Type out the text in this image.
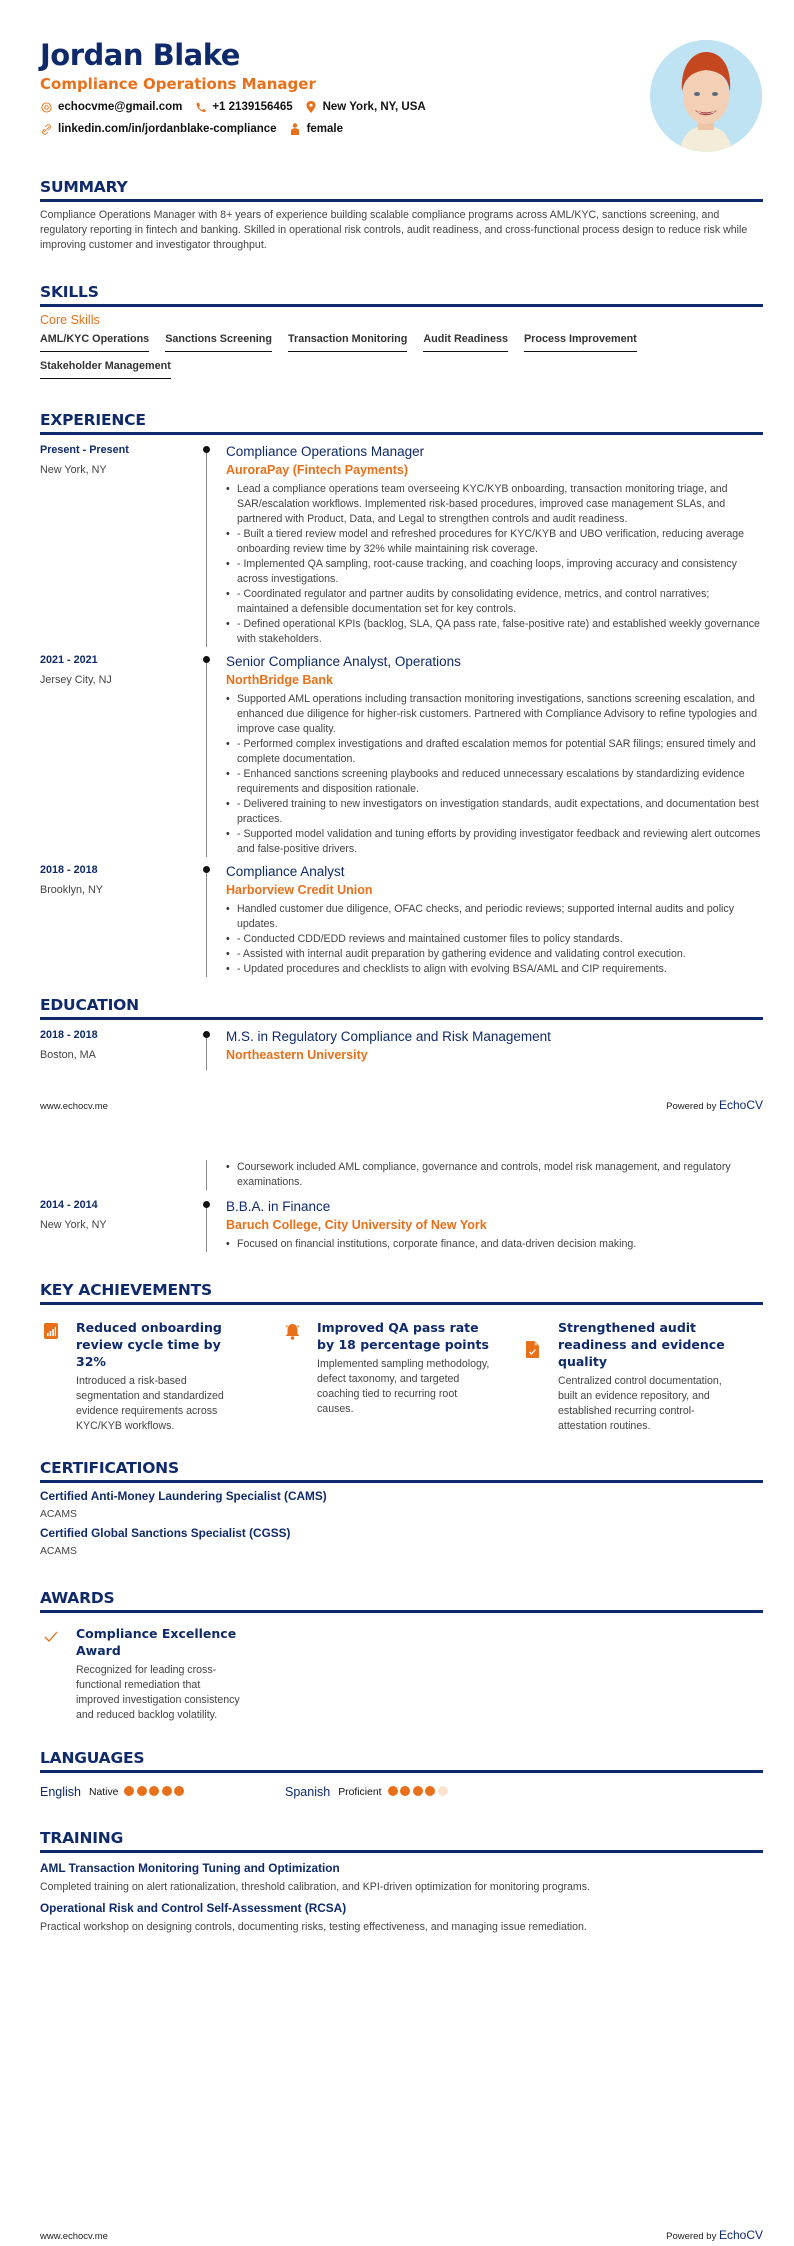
Jordan Blake
Compliance Operations Manager
echocvme@gmail.com	+1 2139156465	New York, NY, USA
linkedin.com/in/jordanblake-compliance	female
SUMMARY
Compliance Operations Manager with 8+ years of experience building scalable compliance programs across AML/KYC, sanctions screening, and regulatory reporting in fintech and banking. Skilled in operational risk controls, audit readiness, and cross-functional process design to reduce risk while improving customer and investigator throughput.
SKILLS
Core Skills
AML/KYC Operations Sanctions Screening Transaction Monitoring Audit Readiness Process Improvement
Stakeholder Management
EXPERIENCE
Present - Present
New York, NY
Compliance Operations Manager
AuroraPay (Fintech Payments)
• Lead a compliance operations team overseeing KYC/KYB onboarding, transaction monitoring triage, and SAR/escalation workflows. Implemented risk-based procedures, improved case management SLAs, and partnered with Product, Data, and Legal to strengthen controls and audit readiness.
• - Built a tiered review model and refreshed procedures for KYC/KYB and UBO verification, reducing average onboarding review time by 32% while maintaining risk coverage.
• - Implemented QA sampling, root-cause tracking, and coaching loops, improving accuracy and consistency across investigations.
• - Coordinated regulator and partner audits by consolidating evidence, metrics, and control narratives; maintained a defensible documentation set for key controls.
• - Defined operational KPIs (backlog, SLA, QA pass rate, false-positive rate) and established weekly governance with stakeholders.
2021 - 2021
Jersey City, NJ
Senior Compliance Analyst, Operations
NorthBridge Bank
• Supported AML operations including transaction monitoring investigations, sanctions screening escalation, and enhanced due diligence for higher-risk customers. Partnered with Compliance Advisory to refine typologies and improve case quality.
• - Performed complex investigations and drafted escalation memos for potential SAR filings; ensured timely and complete documentation.
• - Enhanced sanctions screening playbooks and reduced unnecessary escalations by standardizing evidence requirements and disposition rationale.
• - Delivered training to new investigators on investigation standards, audit expectations, and documentation best practices.
• - Supported model validation and tuning efforts by providing investigator feedback and reviewing alert outcomes and false-positive drivers.
2018 - 2018
Brooklyn, NY
Compliance Analyst
Harborview Credit Union
• Handled customer due diligence, OFAC checks, and periodic reviews; supported internal audits and policy updates.
• - Conducted CDD/EDD reviews and maintained customer files to policy standards.
• - Assisted with internal audit preparation by gathering evidence and validating control execution.
• - Updated procedures and checklists to align with evolving BSA/AML and CIP requirements.
EDUCATION
2018 - 2018
Boston, MA
M.S. in Regulatory Compliance and Risk Management
Northeastern University
www.echocv.me	Powered by EchoCV
• Coursework included AML compliance, governance and controls, model risk management, and regulatory examinations.
2014 - 2014
New York, NY
B.B.A. in Finance
Baruch College, City University of New York
• Focused on financial institutions, corporate finance, and data-driven decision making.
KEY ACHIEVEMENTS
Reduced onboarding review cycle time by 32%
Introduced a risk-based segmentation and standardized evidence requirements across KYC/KYB workflows.
Improved QA pass rate by 18 percentage points
Implemented sampling methodology, defect taxonomy, and targeted coaching tied to recurring root causes.
Strengthened audit readiness and evidence quality
Centralized control documentation, built an evidence repository, and established recurring control-attestation routines.
CERTIFICATIONS
Certified Anti-Money Laundering Specialist (CAMS)
ACAMS
Certified Global Sanctions Specialist (CGSS)
ACAMS
AWARDS
Compliance Excellence Award
Recognized for leading cross-functional remediation that improved investigation consistency and reduced backlog volatility.
LANGUAGES
English Native	Spanish Proficient
TRAINING
AML Transaction Monitoring Tuning and Optimization
Completed training on alert rationalization, threshold calibration, and KPI-driven optimization for monitoring programs.
Operational Risk and Control Self-Assessment (RCSA)
Practical workshop on designing controls, documenting risks, testing effectiveness, and managing issue remediation.
www.echocv.me	Powered by EchoCV
